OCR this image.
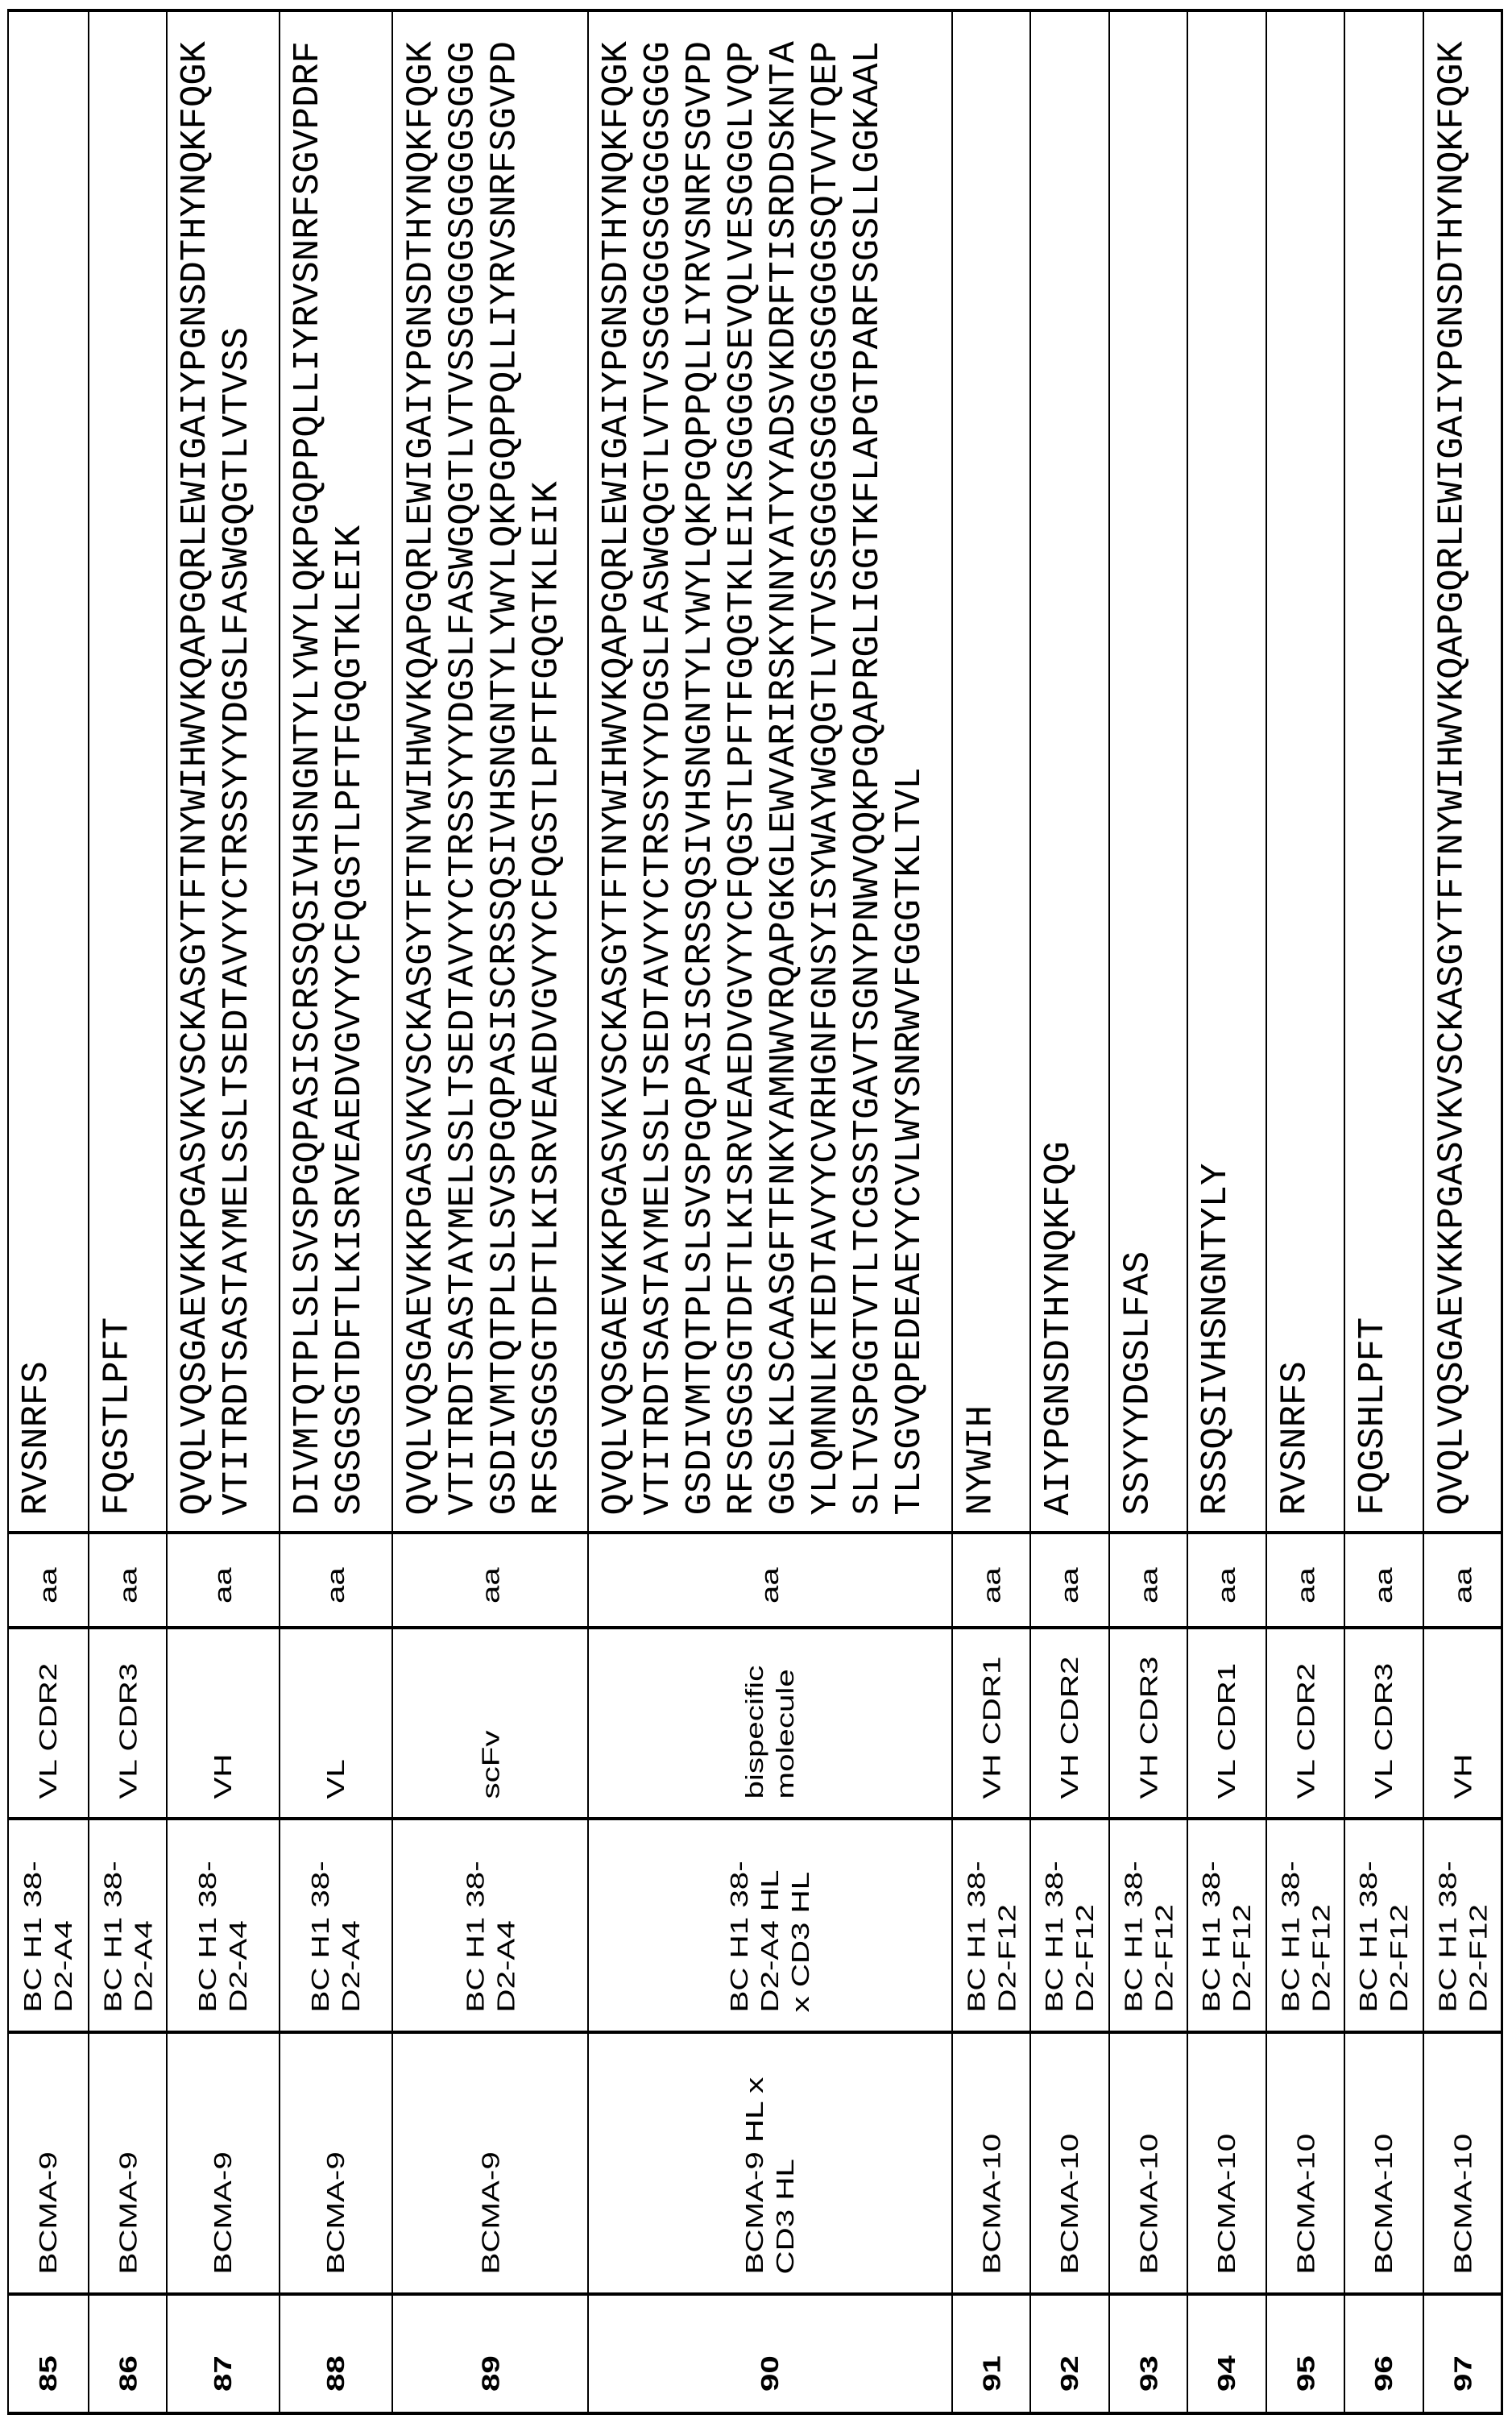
RVSNRFS
aa
VL CDR2
BC H1 38-
D2-A4
BCMA-9
85
FQGSTLPFT
aa
VL CDR3
BC H1 38-
D2-A4
BCMA-9
86
QVQLVQSGAEVKKPGASVKVSCKASGYTFTNYWIHWVKQAPGQRLEWIGAIYPGNSDTHYNQKFQGK
VTITRDTSASTAYMELSSLTSEDTAVYYCTRSSYYYDGSLFASWGQGTLVTVSS
aa
VH
BC H1 38-
D2-A4
BCMA-9
87
DIVMTQTPLSLSVSPGQPASISCRSSQSIVHSNGNTYLYWYLQKPGQPPQLLIYRVSNRFSGVPDRF
SGSGSGTDFTLKISRVEAEDVGVYYCFQGSTLPFTFGQGTKLEIK
aa
VL
BC H1 38-
D2-A4
BCMA-9
88
QVQLVQSGAEVKKPGASVKVSCKASGYTFTNYWIHWVKQAPGQRLEWIGAIYPGNSDTHYNQKFQGK
VTITRDTSASTAYMELSSLTSEDTAVYYCTRSSYYYDGSLFASWGQGTLVTVSSGGGGSGGGGSGGG
GSDIVMTQTPLSLSVSPGQPASISCRSSQSIVHSNGNTYLYWYLQKPGQPPQLLIYRVSNRFSGVPD
RFSGSGSGTDFTLKISRVEAEDVGVYYCFQGSTLPFTFGQGTKLEIK
aa
scFv
BC H1 38-
D2-A4
BCMA-9
89
QVQLVQSGAEVKKPGASVKVSCKASGYTFTNYWIHWVKQAPGQRLEWIGAIYPGNSDTHYNQKFQGK
VTITRDTSASTAYMELSSLTSEDTAVYYCTRSSYYYDGSLFASWGQGTLVTVSSGGGGSGGGGSGGG
GSDIVMTQTPLSLSVSPGQPASISCRSSQSIVHSNGNTYLYWYLQKPGQPPQLLIYRVSNRFSGVPD
RFSGSGSGTDFTLKISRVEAEDVGVYYCFQGSTLPFTFGQGTKLEIKSGGGGSEVQLVESGGGLVQP
GGSLKLSCAASGFTFNKYAMNWVRQAPGKGLEWVARIRSKYNNYATYYADSVKDRFTISRDDSKNTA
YLQMNNLKTEDTAVYYCVRHGNFGNSYISYWAYWGQGTLVTVSSGGGGSGGGGSGGGGSQTVVTQEP
SLTVSPGGTVTLTCGSSTGAVTSGNYPNWVQQKPGQAPRGLIGGTKFLAPGTPARFSGSLLGGKAAL
TLSGVQPEDEAEYYCVLWYSNRWVFGGGTKLTVL
aa
bispecific
molecule
BC H1 38-
D2-A4 HL
x CD3 HL
BCMA-9 HL x
CD3 HL
90
NYWIH
aa
VH CDR1
BC H1 38-
D2-F12
BCMA-10
91
AIYPGNSDTHYNQKFQG
aa
VH CDR2
BC H1 38-
D2-F12
BCMA-10
92
SSYYYDGSLFAS
aa
VH CDR3
BC H1 38-
D2-F12
BCMA-10
93
RSSQSIVHSNGNTYLY
aa
VL CDR1
BC H1 38-
D2-F12
BCMA-10
94
RVSNRFS
aa
VL CDR2
BC H1 38-
D2-F12
BCMA-10
95
FQGSHLPFT
aa
VL CDR3
BC H1 38-
D2-F12
BCMA-10
96
QVQLVQSGAEVKKPGASVKVSCKASGYTFTNYWIHWVKQAPGQRLEWIGAIYPGNSDTHYNQKFQGK
aa
VH
BC H1 38-
D2-F12
BCMA-10
97
